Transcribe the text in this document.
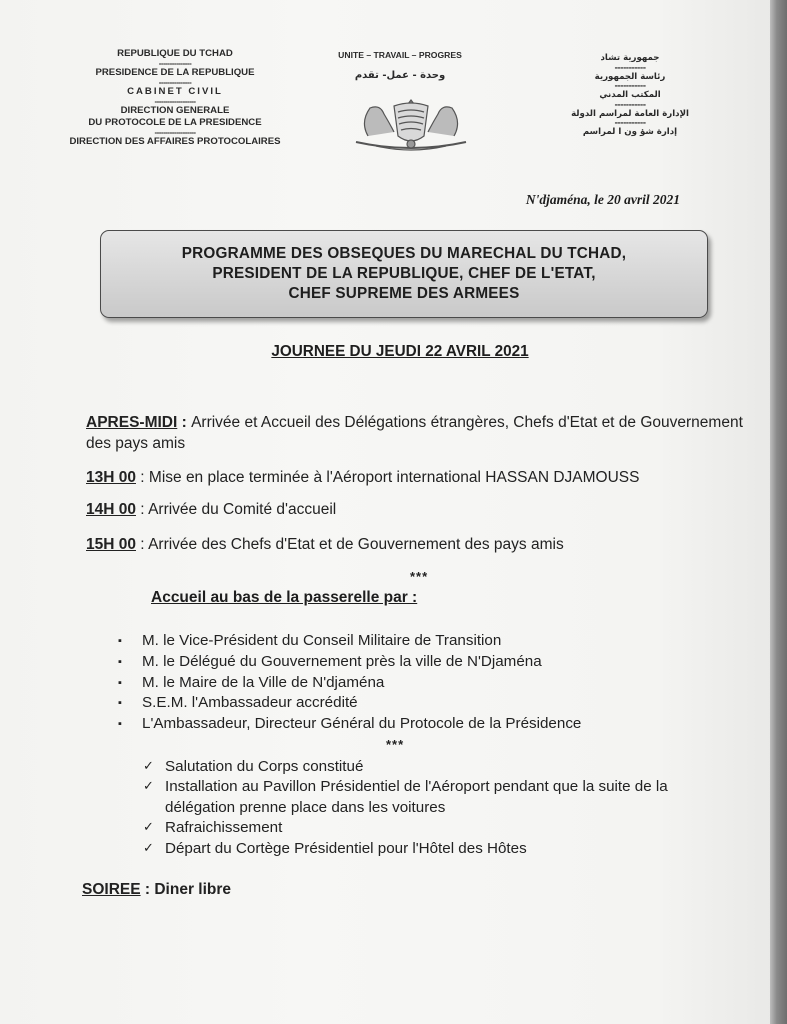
REPUBLIQUE DU TCHAD
---------------
PRESIDENCE DE LA REPUBLIQUE
---------------
CABINET CIVIL
-------------------
DIRECTION GENERALE
DU PROTOCOLE DE LA PRESIDENCE
-------------------
DIRECTION DES AFFAIRES PROTOCOLAIRES
UNITE – TRAVAIL – PROGRES
وحدة - عمل- تقدم
جمهورية تشاد
-----------
رئاسة الجمهورية
-----------
المكتب المدني
-----------
الإدارة العامة لمراسم الدولة
-----------
إدارة شؤ ون ا لمراسم
N'djaména, le 20 avril 2021
PROGRAMME DES OBSEQUES DU MARECHAL DU TCHAD,
PRESIDENT DE LA REPUBLIQUE, CHEF DE L'ETAT,
CHEF SUPREME DES ARMEES
JOURNEE DU JEUDI 22 AVRIL 2021
APRES-MIDI : Arrivée et Accueil des Délégations étrangères, Chefs d'Etat et de Gouvernement des pays amis
13H 00 : Mise en place terminée à l'Aéroport international HASSAN DJAMOUSS
14H 00 : Arrivée du Comité d'accueil
15H 00 : Arrivée des Chefs d'Etat et de Gouvernement des pays amis
***
Accueil au bas de la passerelle par :
▪ M. le Vice-Président du Conseil Militaire de Transition
▪ M. le Délégué du Gouvernement près la ville de N'Djaména
▪ M. le Maire de la Ville de N'djaména
▪ S.E.M. l'Ambassadeur accrédité
▪ L'Ambassadeur, Directeur Général du Protocole de la Présidence
***
✓ Salutation du Corps constitué
✓ Installation au Pavillon Présidentiel de l'Aéroport pendant que la suite de la délégation prenne place dans les voitures
✓ Rafraichissement
✓ Départ du Cortège Présidentiel pour l'Hôtel des Hôtes
SOIREE : Diner libre
